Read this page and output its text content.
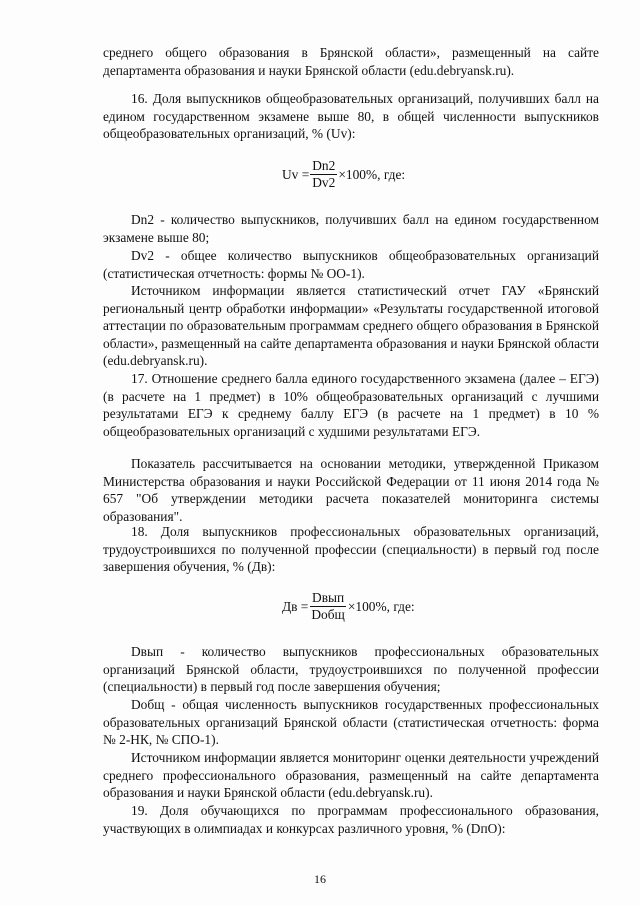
среднего общего образования в Брянской области», размещенный на сайте департамента образования и науки Брянской области (edu.debryansk.ru).
16. Доля выпускников общеобразовательных организаций, получивших балл на едином государственном экзамене выше 80, в общей численности выпускников общеобразовательных организаций, % (Uv):
$Uv = \frac{Dn2}{Dv2} \times 100\%$ , где:
Dn2 - количество выпускников, получивших балл на едином государственном экзамене выше 80;
Dv2 - общее количество выпускников общеобразовательных организаций (статистическая отчетность: формы № ОО-1).
Источником информации является статистический отчет ГАУ «Брянский региональный центр обработки информации» «Результаты государственной итоговой аттестации по образовательным программам среднего общего образования в Брянской области», размещенный на сайте департамента образования и науки Брянской области (edu.debryansk.ru).
17. Отношение среднего балла единого государственного экзамена (далее – ЕГЭ) (в расчете на 1 предмет) в 10% общеобразовательных организаций с лучшими результатами ЕГЭ к среднему баллу ЕГЭ (в расчете на 1 предмет) в 10 % общеобразовательных организаций с худшими результатами ЕГЭ.
Показатель рассчитывается на основании методики, утвержденной Приказом Министерства образования и науки Российской Федерации от 11 июня 2014 года № 657 "Об утверждении методики расчета показателей мониторинга системы образования".
18. Доля выпускников профессиональных образовательных организаций, трудоустроившихся по полученной профессии (специальности) в первый год после завершения обучения, % (Дв):
Дв = $\frac{\text{Dвып}}{\text{Dобщ}} \times 100\%$ , где:
Dвып - количество выпускников профессиональных образовательных организаций Брянской области, трудоустроившихся по полученной профессии (специальности) в первый год после завершения обучения;
Dобщ - общая численность выпускников государственных профессиональных образовательных организаций Брянской области (статистическая отчетность: форма № 2-НК, № СПО-1).
Источником информации является мониторинг оценки деятельности учреждений среднего профессионального образования, размещенный на сайте департамента образования и науки Брянской области (edu.debryansk.ru).
19. Доля обучающихся по программам профессионального образования, участвующих в олимпиадах и конкурсах различного уровня, % (DпО):
16
